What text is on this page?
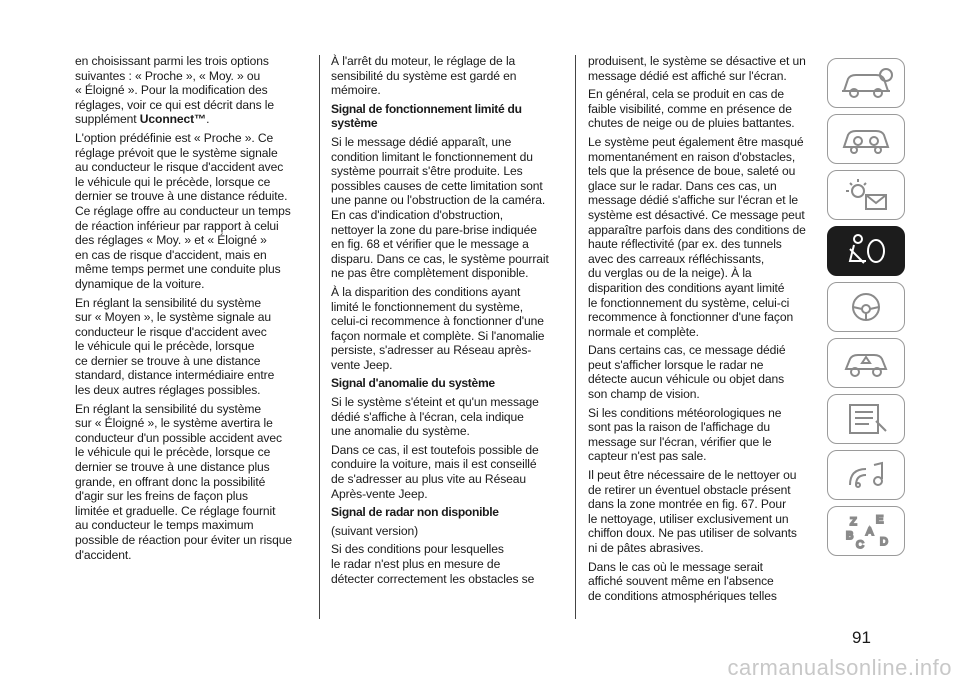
en choisissant parmi les trois options
suivantes : « Proche », « Moy. » ou
« Éloigné ». Pour la modification des
réglages, voir ce qui est décrit dans le
supplément Uconnect™.

L'option prédéfinie est « Proche ». Ce
réglage prévoit que le système signale
au conducteur le risque d'accident avec
le véhicule qui le précède, lorsque ce
dernier se trouve à une distance réduite.
Ce réglage offre au conducteur un temps
de réaction inférieur par rapport à celui
des réglages « Moy. » et « Éloigné »
en cas de risque d'accident, mais en
même temps permet une conduite plus
dynamique de la voiture.

En réglant la sensibilité du système
sur « Moyen », le système signale au
conducteur le risque d'accident avec
le véhicule qui le précède, lorsque
ce dernier se trouve à une distance
standard, distance intermédiaire entre
les deux autres réglages possibles.

En réglant la sensibilité du système
sur « Éloigné », le système avertira le
conducteur d'un possible accident avec
le véhicule qui le précède, lorsque ce
dernier se trouve à une distance plus
grande, en offrant donc la possibilité
d'agir sur les freins de façon plus
limitée et graduelle. Ce réglage fournit
au conducteur le temps maximum
possible de réaction pour éviter un risque
d'accident.

À l'arrêt du moteur, le réglage de la
sensibilité du système est gardé en
mémoire.

Signal de fonctionnement limité du système

Si le message dédié apparaît, une
condition limitant le fonctionnement du
système pourrait s'être produite. Les
possibles causes de cette limitation sont
une panne ou l'obstruction de la caméra.
En cas d'indication d'obstruction,
nettoyer la zone du pare-brise indiquée
en fig. 68 et vérifier que le message a
disparu. Dans ce cas, le système pourrait
ne pas être complètement disponible.

À la disparition des conditions ayant
limité le fonctionnement du système,
celui-ci recommence à fonctionner d'une
façon normale et complète. Si l'anomalie
persiste, s'adresser au Réseau après-
vente Jeep.

Signal d'anomalie du système

Si le système s'éteint et qu'un message
dédié s'affiche à l'écran, cela indique
une anomalie du système.

Dans ce cas, il est toutefois possible de
conduire la voiture, mais il est conseillé
de s'adresser au plus vite au Réseau
Après-vente Jeep.

Signal de radar non disponible

(suivant version)

Si des conditions pour lesquelles
le radar n'est plus en mesure de
détecter correctement les obstacles se

produisent, le système se désactive et un
message dédié est affiché sur l'écran.

En général, cela se produit en cas de
faible visibilité, comme en présence de
chutes de neige ou de pluies battantes.

Le système peut également être masqué
momentanément en raison d'obstacles,
tels que la présence de boue, saleté ou
glace sur le radar. Dans ces cas, un
message dédié s'affiche sur l'écran et le
système est désactivé. Ce message peut
apparaître parfois dans des conditions de
haute réflectivité (par ex. des tunnels
avec des carreaux réfléchissants,
du verglas ou de la neige). À la
disparition des conditions ayant limité
le fonctionnement du système, celui-ci
recommence à fonctionner d'une façon
normale et complète.

Dans certains cas, ce message dédié
peut s'afficher lorsque le radar ne
détecte aucun véhicule ou objet dans
son champ de vision.

Si les conditions météorologiques ne
sont pas la raison de l'affichage du
message sur l'écran, vérifier que le
capteur n'est pas sale.

Il peut être nécessaire de le nettoyer ou
de retirer un éventuel obstacle présent
dans la zone montrée en fig. 67. Pour
le nettoyage, utiliser exclusivement un
chiffon doux. Ne pas utiliser de solvants
ni de pâtes abrasives.

Dans le cas où le message serait
affiché souvent même en l'absence
de conditions atmosphériques telles

Z E
B A
C D
91
carmanualsonline.info
